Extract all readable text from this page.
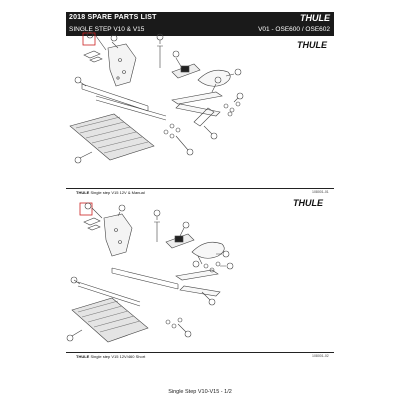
2018 SPARE PARTS LIST	THULE
SINGLE STEP V10 & V15	V01 - OSE600 / OSE602
THULE
THULE
THULE Single step V15 12V & Manual	108001-01
THULE Single step V15 12V/460 Short	108001-02
Single Step V10-V15 - 1/2
